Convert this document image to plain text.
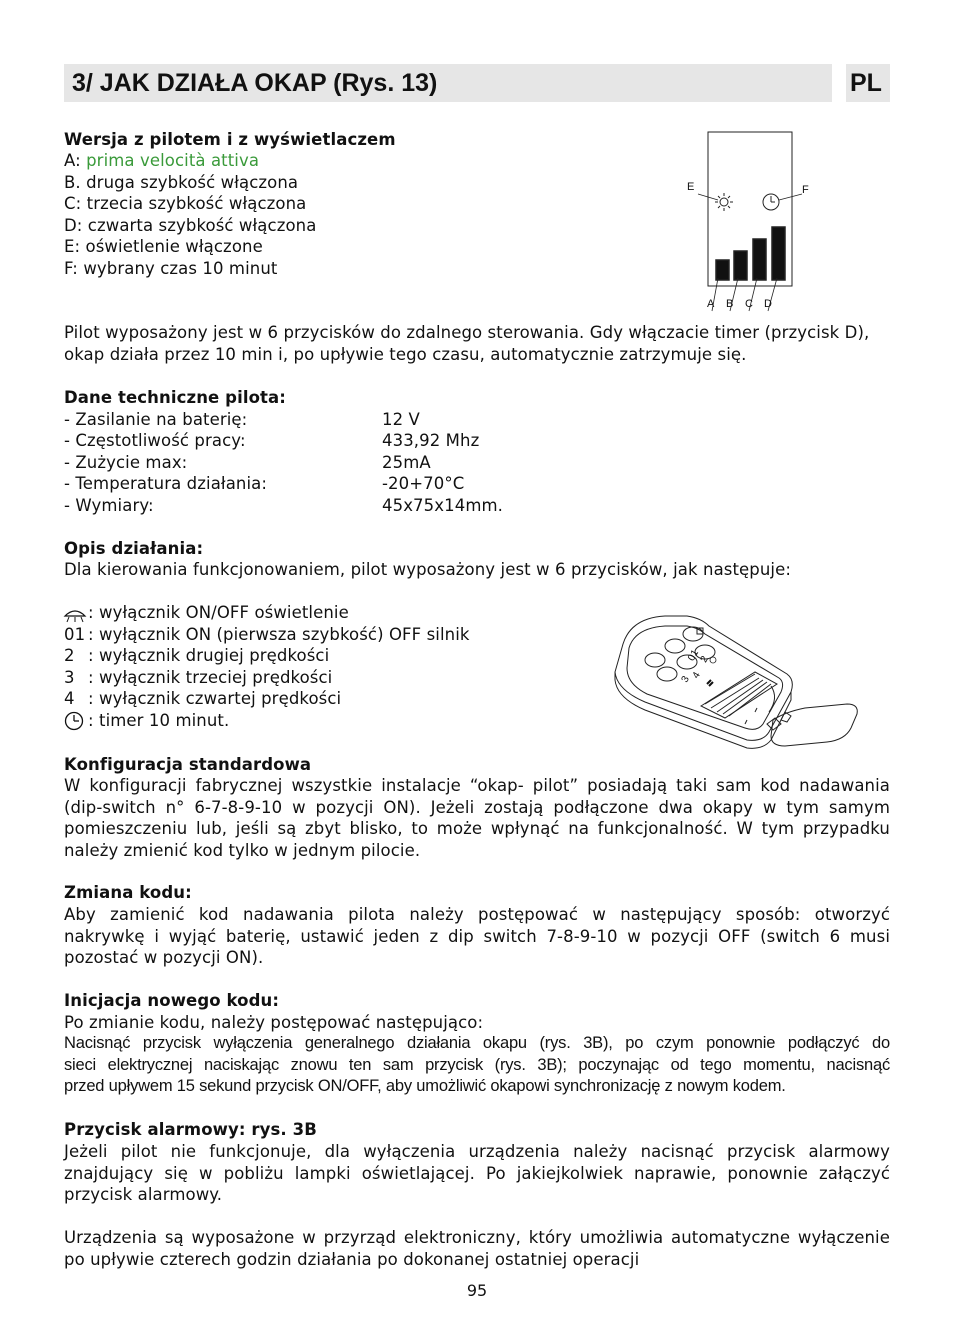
3/ JAK DZIAŁA OKAP (Rys. 13)	PL
Wersja z pilotem i z wyświetlaczem
A: prima velocità attiva
B. druga szybkość włączona
C: trzecia szybkość włączona
D: czwarta szybkość włączona
E: oświetlenie włączone
F: wybrany czas 10 minut
E	F
A B C D
Pilot wyposażony jest w 6 przycisków do zdalnego sterowania. Gdy włączacie timer (przycisk D),
okap działa przez 10 min i, po upływie tego czasu, automatycznie zatrzymuje się.
Dane techniczne pilota:
- Zasilanie na baterię:	12 V
- Częstotliwość pracy:	433,92 Mhz
- Zużycie max:	25mA
- Temperatura działania:	-20+70°C
- Wymiary:	45x75x14mm.
Opis działania:
Dla kierowania funkcjonowaniem, pilot wyposażony jest w 6 przycisków, jak następuje:
: wyłącznik ON/OFF oświetlenie
01 : wyłącznik ON (pierwsza szybkość) OFF silnik
2 : wyłącznik drugiej prędkości
3 : wyłącznik trzeciej prędkości
4 : wyłącznik czwartej prędkości
: timer 10 minut.
01
2
3
4
Konfiguracja standardowa
W konfiguracji fabrycznej wszystkie instalacje “okap- pilot” posiadają taki sam kod nadawania
(dip-switch n° 6-7-8-9-10 w pozycji ON). Jeżeli zostają podłączone dwa okapy w tym samym
pomieszczeniu lub, jeśli są zbyt blisko, to może wpłynąć na funkcjonalność. W tym przypadku
należy zmienić kod tylko w jednym pilocie.
Zmiana kodu:
Aby zamienić kod nadawania pilota należy postępować w następujący sposób: otworzyć
nakrywkę i wyjąć baterię, ustawić jeden z dip switch 7-8-9-10 w pozycji OFF (switch 6 musi
pozostać w pozycji ON).
Inicjacja nowego kodu:
Po zmianie kodu, należy postępować następująco:
Nacisnąć przycisk wyłączenia generalnego działania okapu (rys. 3B), po czym ponownie podłączyć do
sieci elektrycznej naciskając znowu ten sam przycisk (rys. 3B); poczynając od tego momentu, nacisnąć
przed upływem 15 sekund przycisk ON/OFF, aby umożliwić okapowi synchronizację z nowym kodem.
Przycisk alarmowy: rys. 3B
Jeżeli pilot nie funkcjonuje, dla wyłączenia urządzenia należy nacisnąć przycisk alarmowy
znajdujący się w pobliżu lampki oświetlającej. Po jakiejkolwiek naprawie, ponownie załączyć
przycisk alarmowy.
Urządzenia są wyposażone w przyrząd elektroniczny, który umożliwia automatyczne wyłączenie
po upływie czterech godzin działania po dokonanej ostatniej operacji
95
